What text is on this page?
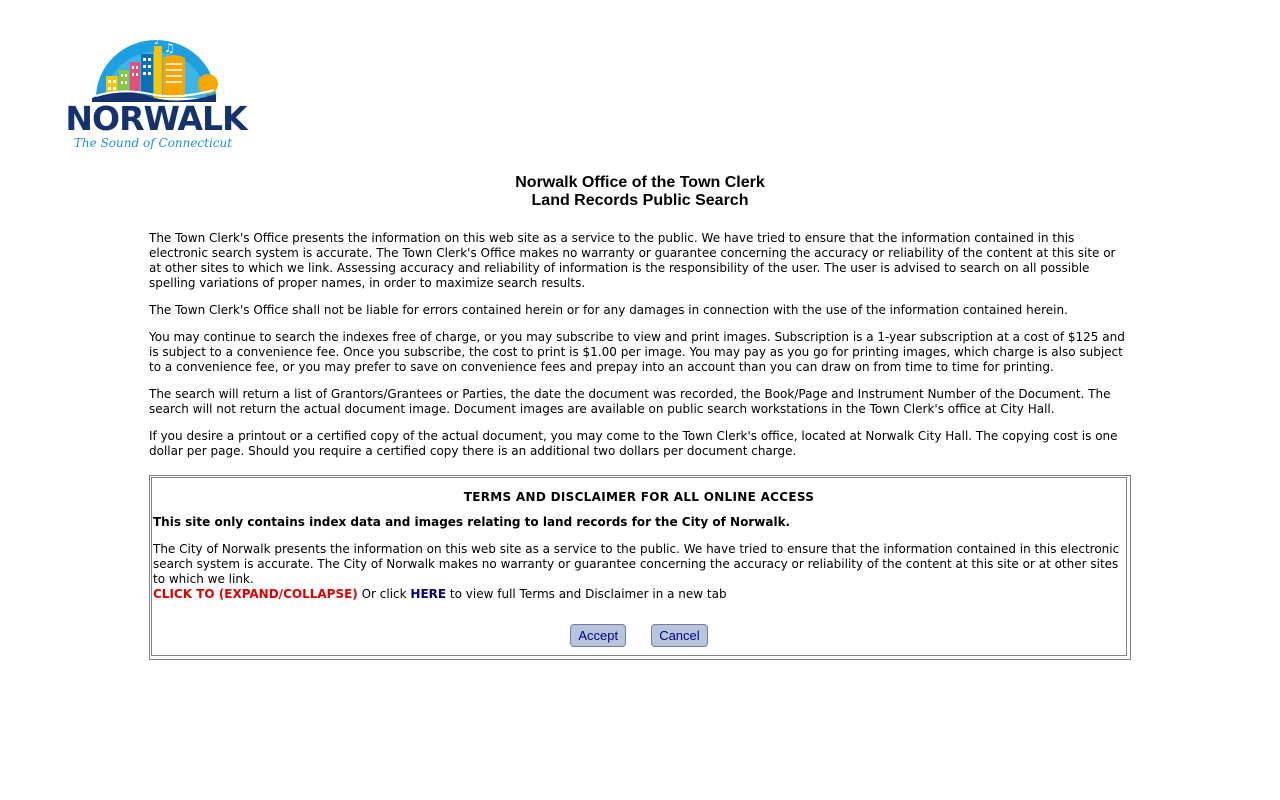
♫
♪
NORWALK
The Sound of Connecticut
Norwalk Office of the Town Clerk
Land Records Public Search

The Town Clerk's Office presents the information on this web site as a service to the public. We have tried to ensure that the information contained in this electronic search system is accurate. The Town Clerk's Office makes no warranty or guarantee concerning the accuracy or reliability of the content at this site or at other sites to which we link. Assessing accuracy and reliability of information is the responsibility of the user. The user is advised to search on all possible spelling variations of proper names, in order to maximize search results.

The Town Clerk's Office shall not be liable for errors contained herein or for any damages in connection with the use of the information contained herein.

You may continue to search the indexes free of charge, or you may subscribe to view and print images. Subscription is a 1-year subscription at a cost of $125 and is subject to a convenience fee. Once you subscribe, the cost to print is $1.00 per image. You may pay as you go for printing images, which charge is also subject to a convenience fee, or you may prefer to save on convenience fees and prepay into an account than you can draw on from time to time for printing.

The search will return a list of Grantors/Grantees or Parties, the date the document was recorded, the Book/Page and Instrument Number of the Document. The search will not return the actual document image. Document images are available on public search workstations in the Town Clerk's office at City Hall.

If you desire a printout or a certified copy of the actual document, you may come to the Town Clerk's office, located at Norwalk City Hall. The copying cost is one dollar per page. Should you require a certified copy there is an additional two dollars per document charge.

TERMS AND DISCLAIMER FOR ALL ONLINE ACCESS
This site only contains index data and images relating to land records for the City of Norwalk.
The City of Norwalk presents the information on this web site as a service to the public. We have tried to ensure that the information contained in this electronic search system is accurate. The City of Norwalk makes no warranty or guarantee concerning the accuracy or reliability of the content at this site or at other sites to which we link.
CLICK TO (EXPAND/COLLAPSE) Or click HERE to view full Terms and Disclaimer in a new tab
Accept	Cancel
